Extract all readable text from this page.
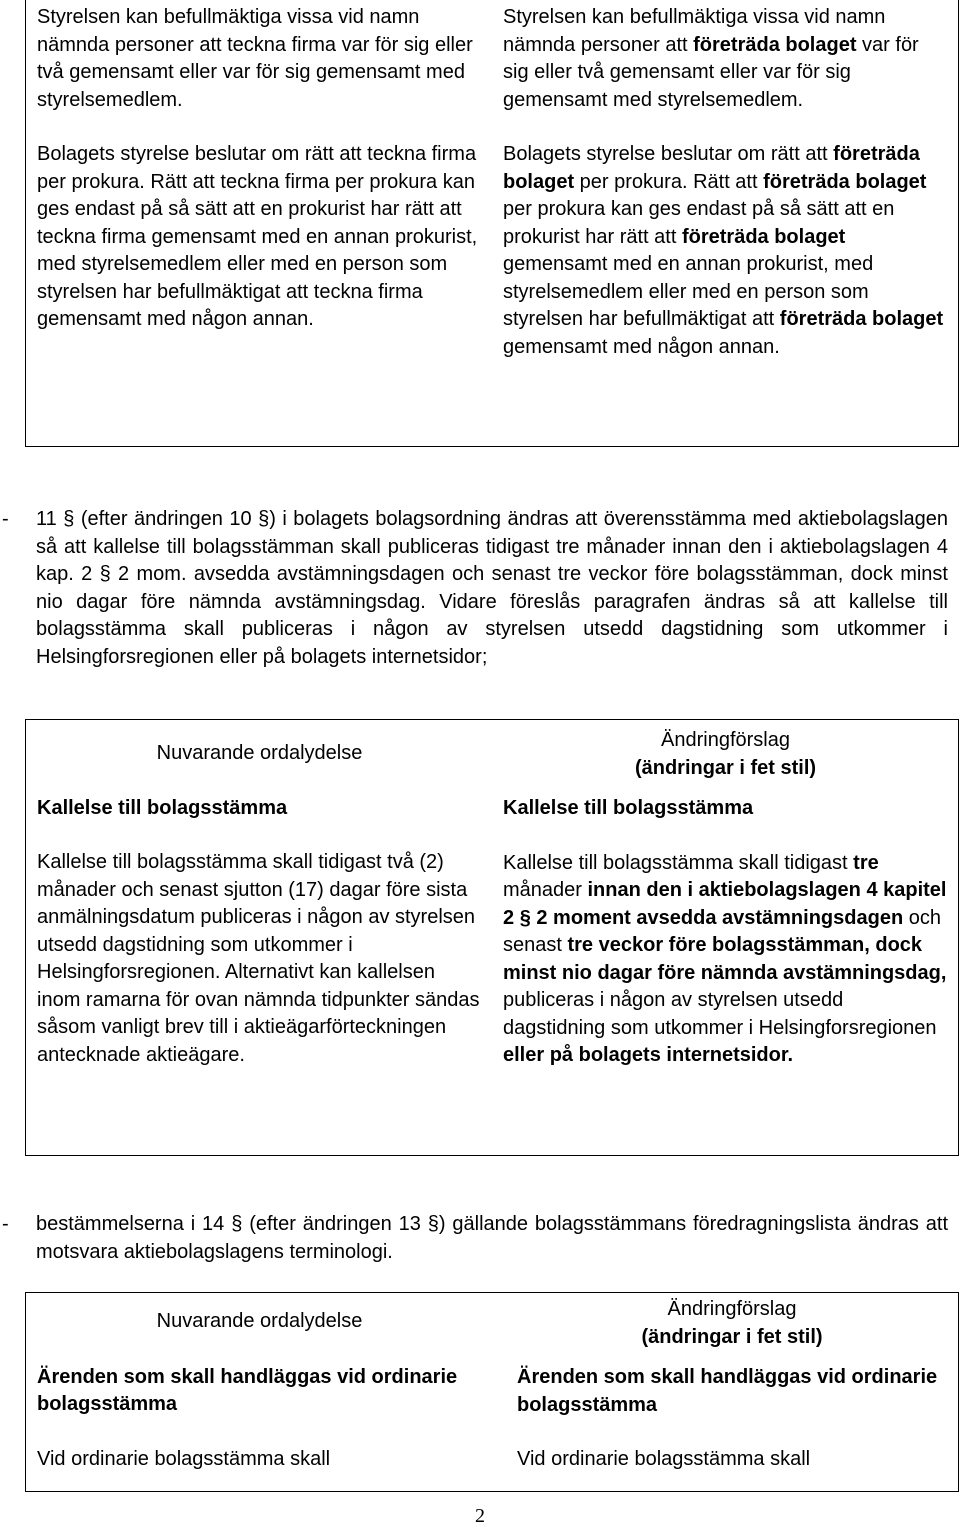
Styrelsen kan befullmäktiga vissa vid namn nämnda personer att teckna firma var för sig eller två gemensamt eller var för sig gemensamt med styrelsemedlem.

Bolagets styrelse beslutar om rätt att teckna firma per prokura. Rätt att teckna firma per prokura kan ges endast på så sätt att en prokurist har rätt att teckna firma gemensamt med en annan prokurist, med styrelsemedlem eller med en person som styrelsen har befullmäktigat att teckna firma gemensamt med någon annan.

Styrelsen kan befullmäktiga vissa vid namn nämnda personer att företräda bolaget var för sig eller två gemensamt eller var för sig gemensamt med styrelsemedlem.

Bolagets styrelse beslutar om rätt att företräda bolaget per prokura. Rätt att företräda bolaget per prokura kan ges endast på så sätt att en prokurist har rätt att företräda bolaget gemensamt med en annan prokurist, med styrelsemedlem eller med en person som styrelsen har befullmäktigat att företräda bolaget gemensamt med någon annan.

- 11 § (efter ändringen 10 §) i bolagets bolagsordning ändras att överensstämma med aktiebolagslagen så att kallelse till bolagsstämman skall publiceras tidigast tre månader innan den i aktiebolagslagen 4 kap. 2 § 2 mom. avsedda avstämningsdagen och senast tre veckor före bolagsstämman, dock minst nio dagar före nämnda avstämningsdag. Vidare föreslås paragrafen ändras så att kallelse till bolagsstämma skall publiceras i någon av styrelsen utsedd dagstidning som utkommer i Helsingforsregionen eller på bolagets internetsidor;

Nuvarande ordalydelse

Kallelse till bolagsstämma

Kallelse till bolagsstämma skall tidigast två (2) månader och senast sjutton (17) dagar före sista anmälningsdatum publiceras i någon av styrelsen utsedd dagstidning som utkommer i Helsingforsregionen. Alternativt kan kallelsen inom ramarna för ovan nämnda tidpunkter sändas såsom vanligt brev till i aktieägarförteckningen antecknade aktieägare.

Ändringförslag

(ändringar i fet stil)

Kallelse till bolagsstämma

Kallelse till bolagsstämma skall tidigast tre månader innan den i aktiebolagslagen 4 kapitel 2 § 2 moment avsedda avstämningsdagen och senast tre veckor före bolagsstämman, dock minst nio dagar före nämnda avstämningsdag, publiceras i någon av styrelsen utsedd dagstidning som utkommer i Helsingforsregionen eller på bolagets internetsidor.

- bestämmelserna i 14 § (efter ändringen 13 §) gällande bolagsstämmans föredragningslista ändras att motsvara aktiebolagslagens terminologi.

Nuvarande ordalydelse

Ärenden som skall handläggas vid ordinarie bolagsstämma

Vid ordinarie bolagsstämma skall

Ändringförslag

(ändringar i fet stil)

Ärenden som skall handläggas vid ordinarie bolagsstämma

Vid ordinarie bolagsstämma skall

2
